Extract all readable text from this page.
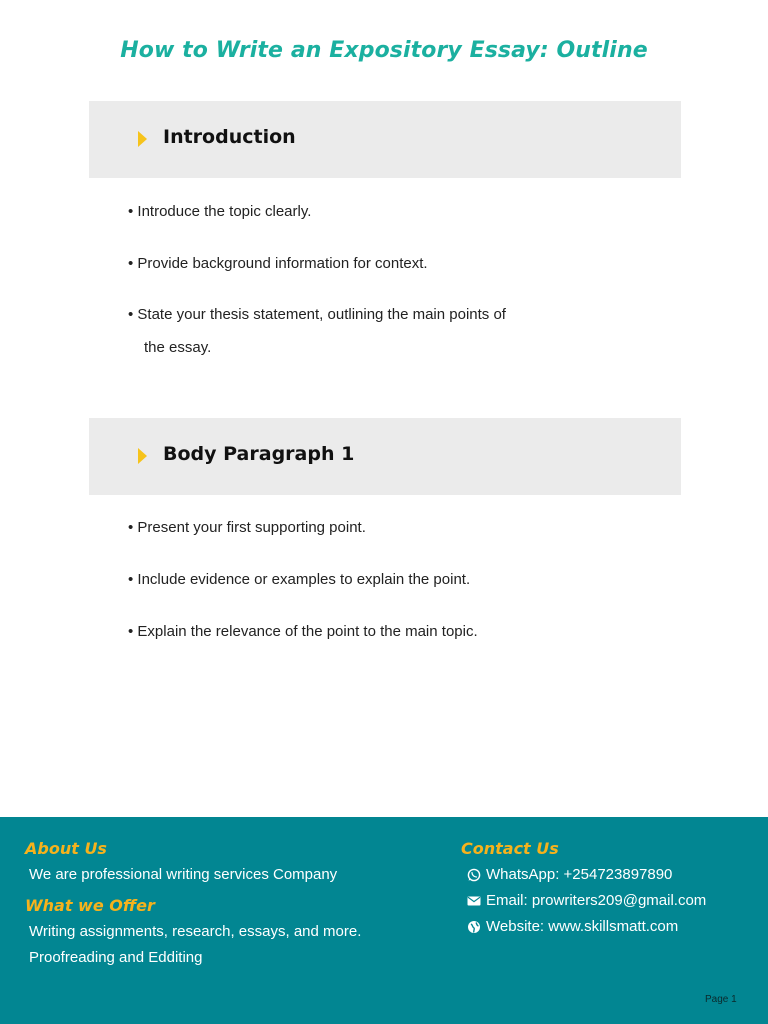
How to Write an Expository Essay: Outline
Introduction
• Introduce the topic clearly.
• Provide background information for context.
• State your thesis statement, outlining the main points of
the essay.
Body Paragraph 1
• Present your first supporting point.
• Include evidence or examples to explain the point.
• Explain the relevance of the point to the main topic.
About Us
We are professional writing services Company
What we Offer
Writing assignments, research, essays, and more.
Proofreading and Edditing
Contact Us
WhatsApp: +254723897890
Email: prowriters209@gmail.com
Website: www.skillsmatt.com
Page 1
